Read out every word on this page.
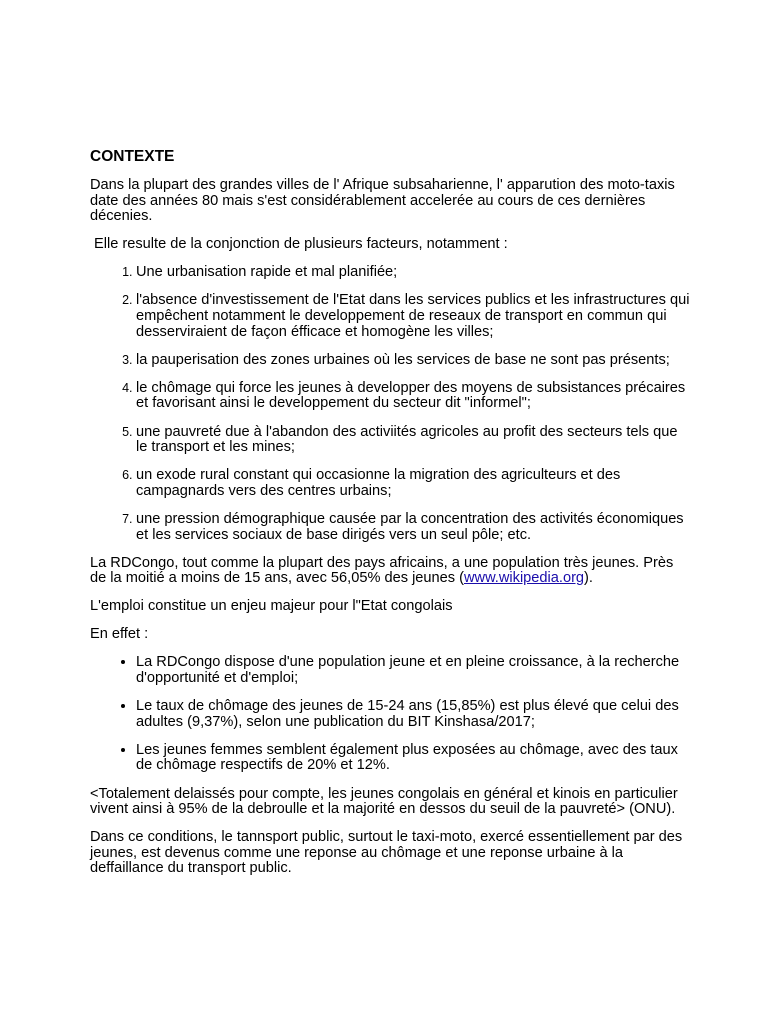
CONTEXTE

Dans la plupart des grandes villes de l' Afrique subsaharienne, l' apparution des moto-taxis date des années 80 mais s'est considérablement accelerée au cours de ces dernières décenies.

Elle resulte de la conjonction de plusieurs facteurs, notamment :

1. Une urbanisation rapide et mal planifiée;
2. l'absence d'investissement de l'Etat dans les services publics et les infrastructures qui empêchent notamment le developpement de reseaux de transport en commun qui desserviraient de façon éfficace et homogène les villes;
3. la pauperisation des zones urbaines où les services de base ne sont pas présents;
4. le chômage qui force les jeunes à developper des moyens de subsistances précaires et favorisant ainsi le developpement du secteur dit "informel";
5. une pauvreté due à l'abandon des activiités agricoles au profit des secteurs tels que le transport et les mines;
6. un exode rural constant qui occasionne la migration des agriculteurs et des campagnards vers des centres urbains;
7. une pression démographique causée par la concentration des activités économiques et les services sociaux de base dirigés vers un seul pôle; etc.

La RDCongo, tout comme la plupart des pays africains, a une population très jeunes. Près de la moitié a moins de 15 ans, avec 56,05% des jeunes (www.wikipedia.org).

L'emploi constitue un enjeu majeur pour l"Etat congolais

En effet :

• La RDCongo dispose d'une population jeune et en pleine croissance, à la recherche d'opportunité et d'emploi;
• Le taux de chômage des jeunes de 15-24 ans (15,85%) est plus élevé que celui des adultes (9,37%), selon une publication du BIT Kinshasa/2017;
• Les jeunes femmes semblent également plus exposées au chômage, avec des taux de chômage respectifs de 20% et 12%.

<Totalement delaissés pour compte, les jeunes congolais en général et kinois en particulier vivent ainsi à 95% de la debroulle et la majorité en dessos du seuil de la pauvreté> (ONU).

Dans ce conditions, le tannsport public, surtout le taxi-moto, exercé essentiellement par des jeunes, est devenus comme une reponse au chômage et une reponse urbaine à la deffaillance du transport public.
